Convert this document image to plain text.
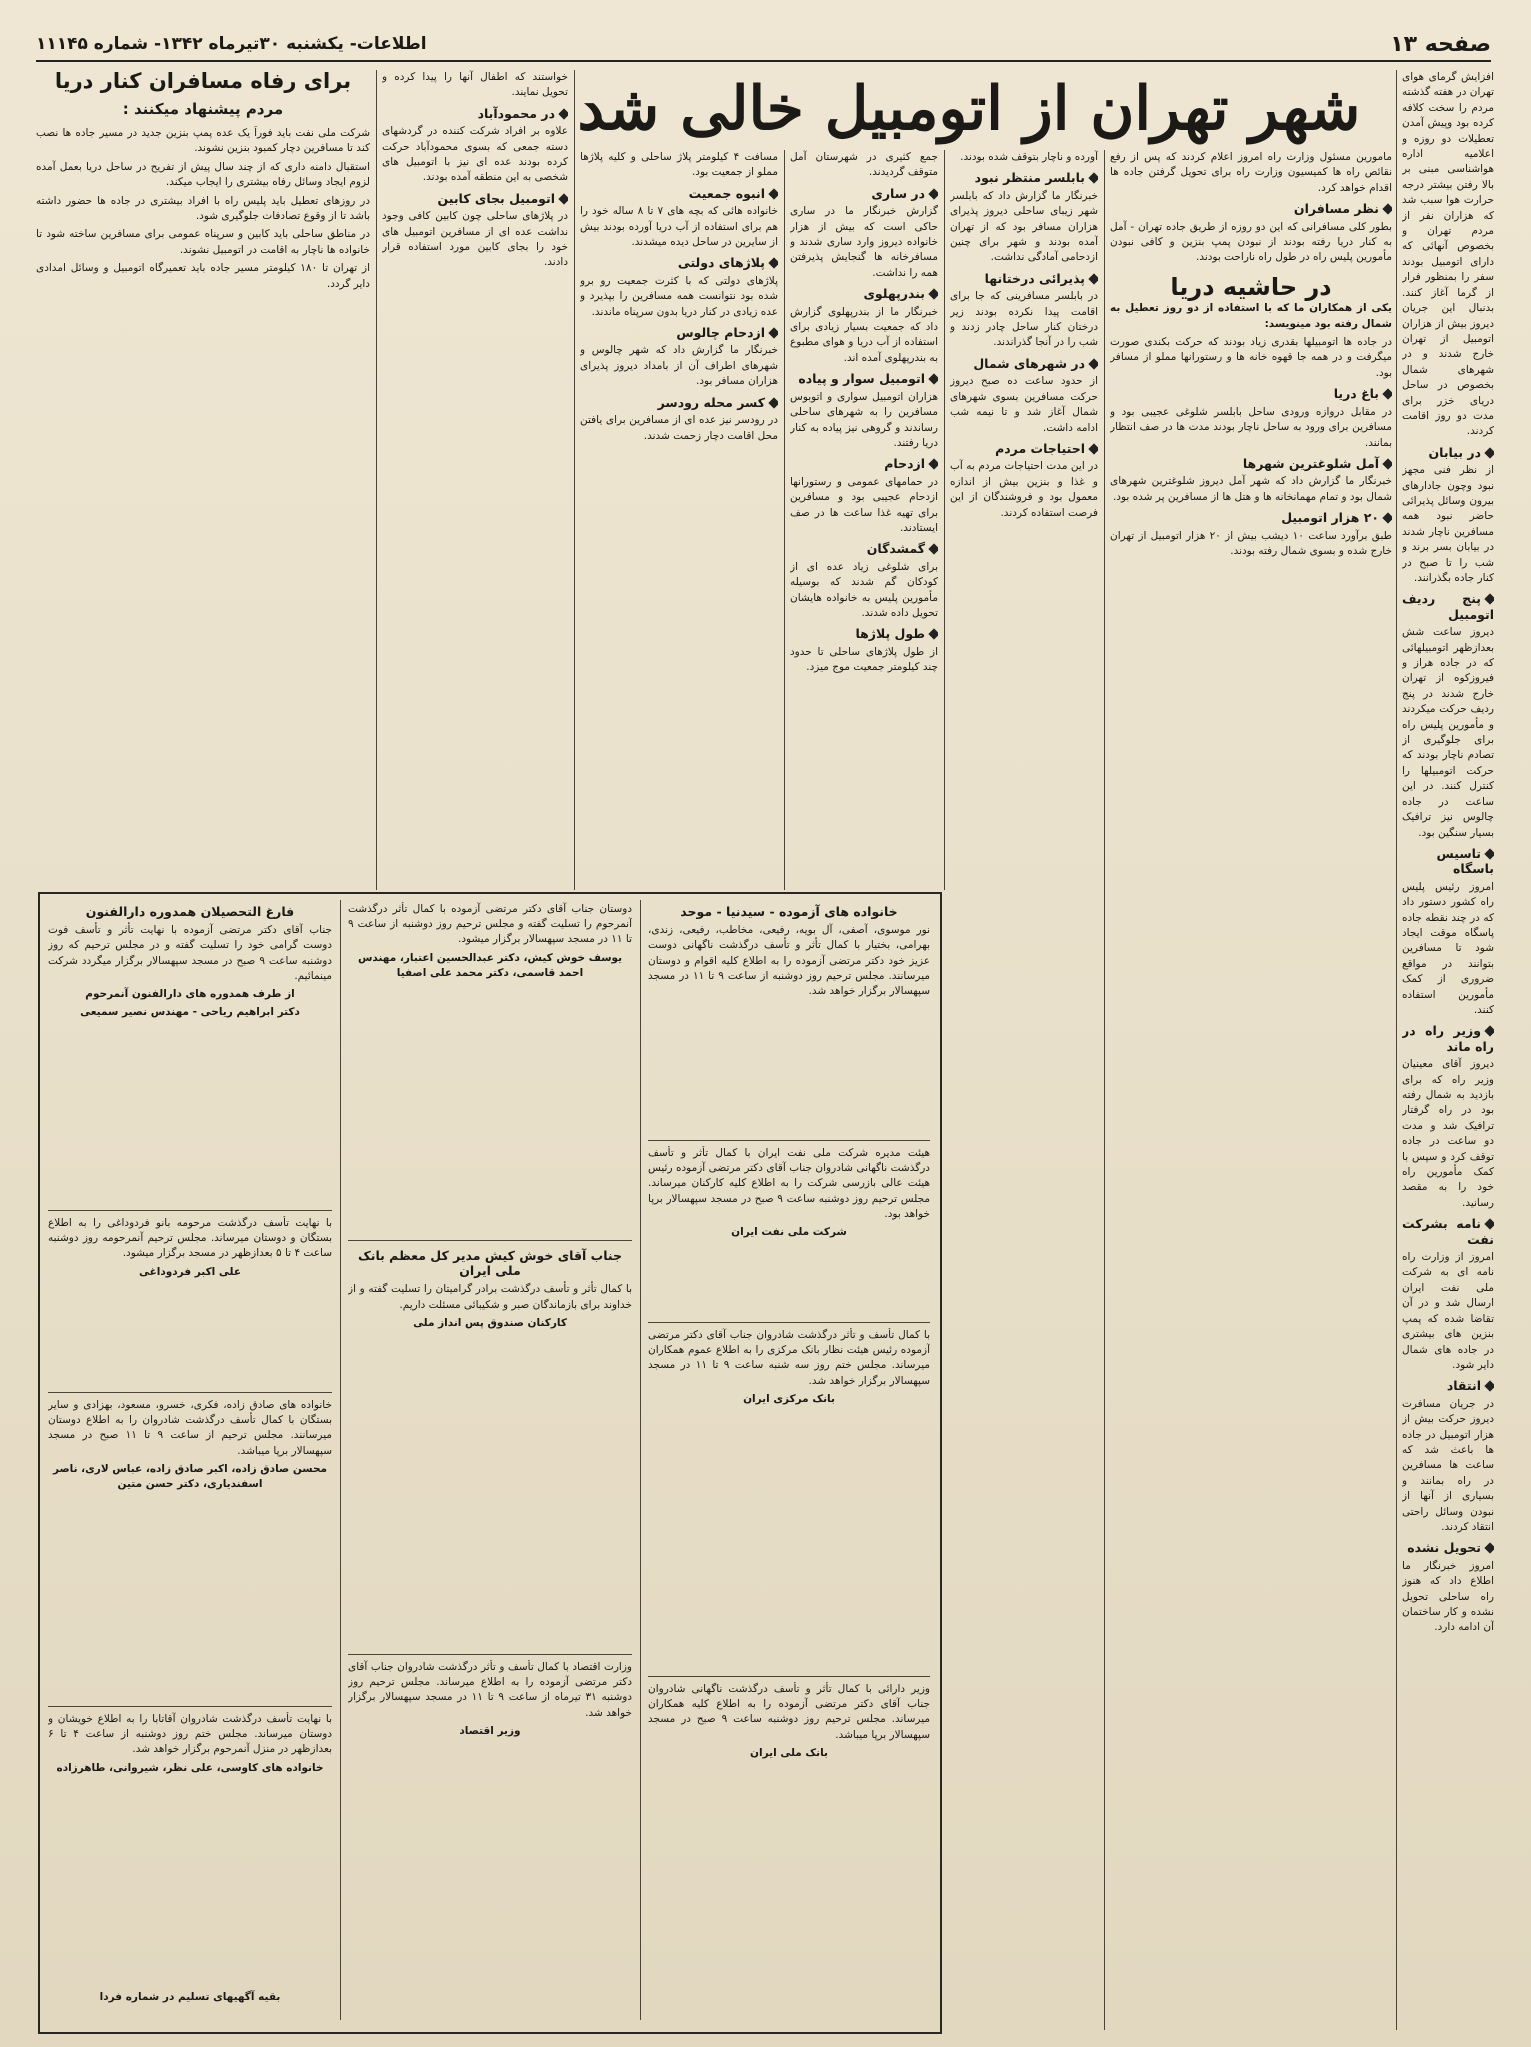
صفحه ۱۳
اطلاعات- یکشنبه ۳۰تیرماه ۱۳۴۲- شماره ۱۱۱۴۵
شهر تهران از اتومبیل خالی شد	افزایش گرمای هوای تهران در هفته گذشته مردم را سخت کلافه کرده بود وپیش آمدن تعطیلات دو روزه و اعلامیه اداره هواشناسی مبنی بر بالا رفتن بیشتر درجه حرارت هوا سبب شد که هزاران نفر از مردم تهران و بخصوص آنهائی که دارای اتومبیل بودند سفر را بمنظور فرار از گرما آغاز کنند. بدنبال این جریان دیروز بیش از هزاران اتومبیل از تهران خارج شدند و در شهرهای شمال بخصوص در ساحل دریای خزر برای مدت دو روز اقامت کردند.

در بیابان

از نظر فنی مجهز نبود وچون جادارهای بیرون وسائل پذیرائی حاضر نبود همه مسافرین ناچار شدند در بیابان بسر برند و شب را تا صبح در کنار جاده بگذرانند.

پنج ردیف اتومبیل

دیروز ساعت شش بعدازظهر اتومبیلهائی که در جاده هراز و فیروزکوه از تهران خارج شدند در پنج ردیف حرکت میکردند و مأمورین پلیس راه برای جلوگیری از تصادم ناچار بودند که حرکت اتومبیلها را کنترل کنند. در این ساعت در جاده چالوس نیز ترافیک بسیار سنگین بود.

تاسیس باسگاه

امروز رئیس پلیس راه کشور دستور داد که در چند نقطه جاده پاسگاه موقت ایجاد شود تا مسافرین بتوانند در مواقع ضروری از کمک مأمورین استفاده کنند.

وزیر راه در راه ماند

دیروز آقای معینیان وزیر راه که برای بازدید به شمال رفته بود در راه گرفتار ترافیک شد و مدت دو ساعت در جاده توقف کرد و سپس با کمک مأمورین راه خود را به مقصد رسانید.

نامه بشرکت نفت

امروز از وزارت راه نامه ای به شرکت ملی نفت ایران ارسال شد و در آن تقاضا شده که پمپ بنزین های بیشتری در جاده های شمال دایر شود.

انتقاد

در جریان مسافرت دیروز حرکت بیش از هزار اتومبیل در جاده ها باعث شد که ساعت ها مسافرین در راه بمانند و بسیاری از آنها از نبودن وسائل راحتی انتقاد کردند.

تحویل نشده

امروز خبرنگار ما اطلاع داد که هنوز راه ساحلی تحویل نشده و کار ساختمان آن ادامه دارد.

مامورین مسئول وزارت راه امروز اعلام کردند که پس از رفع نقائص راه ها کمیسیون وزارت راه برای تحویل گرفتن جاده ها اقدام خواهد کرد.

نظر مسافران

بطور کلی مسافرانی که این دو روزه از طریق جاده تهران - آمل به کنار دریا رفته بودند از نبودن پمپ بنزین و کافی نبودن مأمورین پلیس راه در طول راه ناراحت بودند.

در حاشیه دریا

یکی از همکاران ما که با استفاده از دو روز تعطیل به شمال رفته بود مینویسد:

در جاده ها اتومبیلها بقدری زیاد بودند که حرکت بکندی صورت میگرفت و در همه جا قهوه خانه ها و رستورانها مملو از مسافر بود.

باغ دریا

در مقابل دروازه ورودی ساحل بابلسر شلوغی عجیبی بود و مسافرین برای ورود به ساحل ناچار بودند مدت ها در صف انتظار بمانند.

آمل شلوغترین شهرها

خبرنگار ما گزارش داد که شهر آمل دیروز شلوغترین شهرهای شمال بود و تمام مهمانخانه ها و هتل ها از مسافرین پر شده بود.

۲۰ هزار اتومبیل

طبق برآورد ساعت ۱۰ دیشب بیش از ۲۰ هزار اتومبیل از تهران خارج شده و بسوی شمال رفته بودند.

آورده و ناچار بتوقف شده بودند.

بابلسر منتظر نبود

خبرنگار ما گزارش داد که بابلسر شهر زیبای ساحلی دیروز پذیرای هزاران مسافر بود که از تهران آمده بودند و شهر برای چنین ازدحامی آمادگی نداشت.

پذیرائی درختانها

در بابلسر مسافرینی که جا برای اقامت پیدا نکرده بودند زیر درختان کنار ساحل چادر زدند و شب را در آنجا گذراندند.

در شهرهای شمال

از حدود ساعت ده صبح دیروز حرکت مسافرین بسوی شهرهای شمال آغاز شد و تا نیمه شب ادامه داشت.

احتیاجات مردم

در این مدت احتیاجات مردم به آب و غذا و بنزین بیش از اندازه معمول بود و فروشندگان از این فرصت استفاده کردند.

جمع کثیری در شهرستان آمل متوقف گردیدند.

در ساری

گزارش خبرنگار ما در ساری حاکی است که بیش از هزار خانواده دیروز وارد ساری شدند و مسافرخانه ها گنجایش پذیرفتن همه را نداشت.

بندرپهلوی

خبرنگار ما از بندرپهلوی گزارش داد که جمعیت بسیار زیادی برای استفاده از آب دریا و هوای مطبوع به بندرپهلوی آمده اند.

اتومبیل سوار و پیاده

هزاران اتومبیل سواری و اتوبوس مسافرین را به شهرهای ساحلی رساندند و گروهی نیز پیاده به کنار دریا رفتند.

ازدحام

در حمامهای عمومی و رستورانها ازدحام عجیبی بود و مسافرین برای تهیه غذا ساعت ها در صف ایستادند.

گمشدگان

برای شلوغی زیاد عده ای از کودکان گم شدند که بوسیله مأمورین پلیس به خانواده هایشان تحویل داده شدند.

طول پلاژها

از طول پلاژهای ساحلی تا حدود چند کیلومتر جمعیت موج میزد.

مسافت ۴ کیلومتر پلاژ ساحلی و کلیه پلاژها مملو از جمعیت بود.

انبوه جمعیت

خانواده هائی که بچه های ۷ تا ۸ ساله خود را هم برای استفاده از آب دریا آورده بودند بیش از سایرین در ساحل دیده میشدند.

پلاژهای دولتی

پلاژهای دولتی که با کثرت جمعیت رو برو شده بود نتوانست همه مسافرین را بپذیرد و عده زیادی در کنار دریا بدون سرپناه ماندند.

ازدحام چالوس

خبرنگار ما گزارش داد که شهر چالوس و شهرهای اطراف آن از بامداد دیروز پذیرای هزاران مسافر بود.

کسر محله رودسر

در رودسر نیز عده ای از مسافرین برای یافتن محل اقامت دچار زحمت شدند.

خواستند که اطفال آنها را پیدا کرده و تحویل نمایند.

در محمودآباد

علاوه بر افراد شرکت کننده در گردشهای دسته جمعی که بسوی محمودآباد حرکت کرده بودند عده ای نیز با اتومبیل های شخصی به این منطقه آمده بودند.

اتومبیل بجای کابین

در پلاژهای ساحلی چون کابین کافی وجود نداشت عده ای از مسافرین اتومبیل های خود را بجای کابین مورد استفاده قرار دادند.

برای رفاه مسافران کنار دریا
مردم پیشنهاد میکنند :

شرکت ملی نفت باید فوراً یک عده پمپ بنزین جدید در مسیر جاده ها نصب کند تا مسافرین دچار کمبود بنزین نشوند.

استقبال دامنه داری که از چند سال پیش از تفریح در ساحل دریا بعمل آمده لزوم ایجاد وسائل رفاه بیشتری را ایجاب میکند.

در روزهای تعطیل باید پلیس راه با افراد بیشتری در جاده ها حضور داشته باشد تا از وقوع تصادفات جلوگیری شود.

در مناطق ساحلی باید کابین و سرپناه عمومی برای مسافرین ساخته شود تا خانواده ها ناچار به اقامت در اتومبیل نشوند.

از تهران تا ۱۸۰ کیلومتر مسیر جاده باید تعمیرگاه اتومبیل و وسائل امدادی دایر گردد.

فارغ التحصیلان همدوره دارالفنون
جناب آقای دکتر مرتضی آزموده با نهایت تأثر و تأسف فوت دوست گرامی خود را تسلیت گفته و در مجلس ترحیم که روز دوشنبه ساعت ۹ صبح در مسجد سپهسالار برگزار میگردد شرکت مینمائیم.
از طرف همدوره های دارالفنون آنمرحوم
دکتر ابراهیم ریاحی - مهندس نصیر سمیعی
با نهایت تأسف درگذشت مرحومه بانو فردوداغی را به اطلاع بستگان و دوستان میرساند. مجلس ترحیم آنمرحومه روز دوشنبه ساعت ۴ تا ۵ بعدازظهر در مسجد برگزار میشود.
علی اکبر فردوداغی
خانواده های صادق زاده، فکری، خسرو، مسعود، بهزادی و سایر بستگان با کمال تأسف درگذشت شادروان را به اطلاع دوستان میرسانند. مجلس ترحیم از ساعت ۹ تا ۱۱ صبح در مسجد سپهسالار برپا میباشد.
محسن صادق زاده، اکبر صادق زاده، عباس لاری، ناصر اسفندیاری، دکتر حسن متین
با نهایت تأسف درگذشت شادروان آقاتابا را به اطلاع خویشان و دوستان میرساند. مجلس ختم روز دوشنبه از ساعت ۴ تا ۶ بعدازظهر در منزل آنمرحوم برگزار خواهد شد.
خانواده های کاوسی، علی نظر، شیروانی، طاهرزاده
بقیه آگهیهای تسلیم در شماره فردا
خانواده های آزموده - سیدنیا - موحد
نور موسوی، آصفی، آل بویه، رفیعی، مخاطب، رفیعی، زندی، بهرامی، بختیار با کمال تأثر و تأسف درگذشت ناگهانی دوست عزیز خود دکتر مرتضی آزموده را به اطلاع کلیه اقوام و دوستان میرسانند. مجلس ترحیم روز دوشنبه از ساعت ۹ تا ۱۱ در مسجد سپهسالار برگزار خواهد شد.
هیئت مدیره شرکت ملی نفت ایران با کمال تأثر و تأسف درگذشت ناگهانی شادروان جناب آقای دکتر مرتضی آزموده رئیس هیئت عالی بازرسی شرکت را به اطلاع کلیه کارکنان میرساند. مجلس ترحیم روز دوشنبه ساعت ۹ صبح در مسجد سپهسالار برپا خواهد بود.
شرکت ملی نفت ایران
با کمال تأسف و تأثر درگذشت شادروان جناب آقای دکتر مرتضی آزموده رئیس هیئت نظار بانک مرکزی را به اطلاع عموم همکاران میرساند. مجلس ختم روز سه شنبه ساعت ۹ تا ۱۱ در مسجد سپهسالار برگزار خواهد شد.
بانک مرکزی ایران
وزیر دارائی با کمال تأثر و تأسف درگذشت ناگهانی شادروان جناب آقای دکتر مرتضی آزموده را به اطلاع کلیه همکاران میرساند. مجلس ترحیم روز دوشنبه ساعت ۹ صبح در مسجد سپهسالار برپا میباشد.
بانک ملی ایران
دوستان جناب آقای دکتر مرتضی آزموده با کمال تأثر درگذشت آنمرحوم را تسلیت گفته و مجلس ترحیم روز دوشنبه از ساعت ۹ تا ۱۱ در مسجد سپهسالار برگزار میشود.
یوسف خوش کیش، دکتر عبدالحسین اعتبار، مهندس احمد قاسمی، دکتر محمد علی اصفیا
جناب آقای خوش کیش مدیر کل معظم بانک ملی ایران
با کمال تأثر و تأسف درگذشت برادر گرامیتان را تسلیت گفته و از خداوند برای بازماندگان صبر و شکیبائی مسئلت داریم.
کارکنان صندوق پس انداز ملی
وزارت اقتصاد با کمال تأسف و تأثر درگذشت شادروان جناب آقای دکتر مرتضی آزموده را به اطلاع میرساند. مجلس ترحیم روز دوشنبه ۳۱ تیرماه از ساعت ۹ تا ۱۱ در مسجد سپهسالار برگزار خواهد شد.
وزیر اقتصاد
